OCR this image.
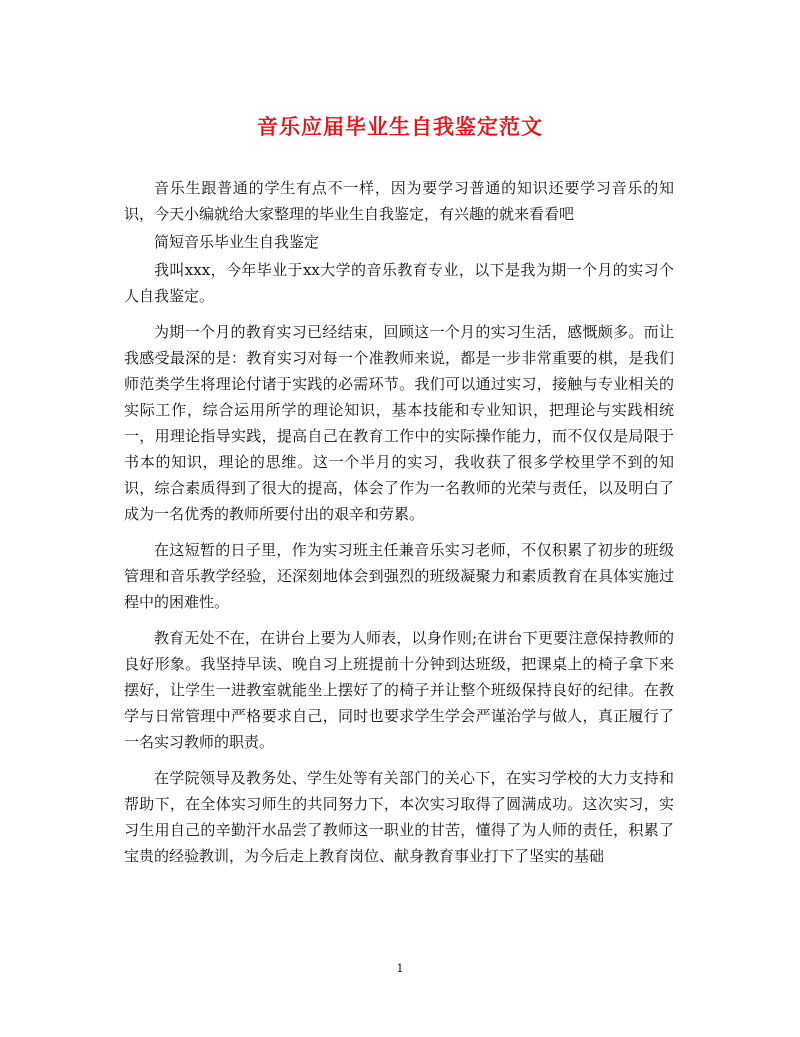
音乐应届毕业生自我鉴定范文

音乐生跟普通的学生有点不一样，因为要学习普通的知识还要学习音乐的知识，今天小编就给大家整理的毕业生自我鉴定，有兴趣的就来看看吧

简短音乐毕业生自我鉴定

我叫xxx，今年毕业于xx大学的音乐教育专业，以下是我为期一个月的实习个人自我鉴定。

为期一个月的教育实习已经结束，回顾这一个月的实习生活，感慨颇多。而让我感受最深的是：教育实习对每一个准教师来说，都是一步非常重要的棋，是我们师范类学生将理论付诸于实践的必需环节。我们可以通过实习，接触与专业相关的实际工作，综合运用所学的理论知识，基本技能和专业知识，把理论与实践相统一，用理论指导实践，提高自己在教育工作中的实际操作能力，而不仅仅是局限于书本的知识，理论的思维。这一个半月的实习，我收获了很多学校里学不到的知识，综合素质得到了很大的提高，体会了作为一名教师的光荣与责任，以及明白了成为一名优秀的教师所要付出的艰辛和劳累。

在这短暂的日子里，作为实习班主任兼音乐实习老师，不仅积累了初步的班级管理和音乐教学经验，还深刻地体会到强烈的班级凝聚力和素质教育在具体实施过程中的困难性。

教育无处不在，在讲台上要为人师表，以身作则;在讲台下更要注意保持教师的良好形象。我坚持早读、晚自习上班提前十分钟到达班级，把课桌上的椅子拿下来摆好，让学生一进教室就能坐上摆好了的椅子并让整个班级保持良好的纪律。在教学与日常管理中严格要求自己，同时也要求学生学会严谨治学与做人，真正履行了一名实习教师的职责。

在学院领导及教务处、学生处等有关部门的关心下，在实习学校的大力支持和帮助下，在全体实习师生的共同努力下，本次实习取得了圆满成功。这次实习，实习生用自己的辛勤汗水品尝了教师这一职业的甘苦，懂得了为人师的责任，积累了宝贵的经验教训，为今后走上教育岗位、献身教育事业打下了坚实的基础

1
